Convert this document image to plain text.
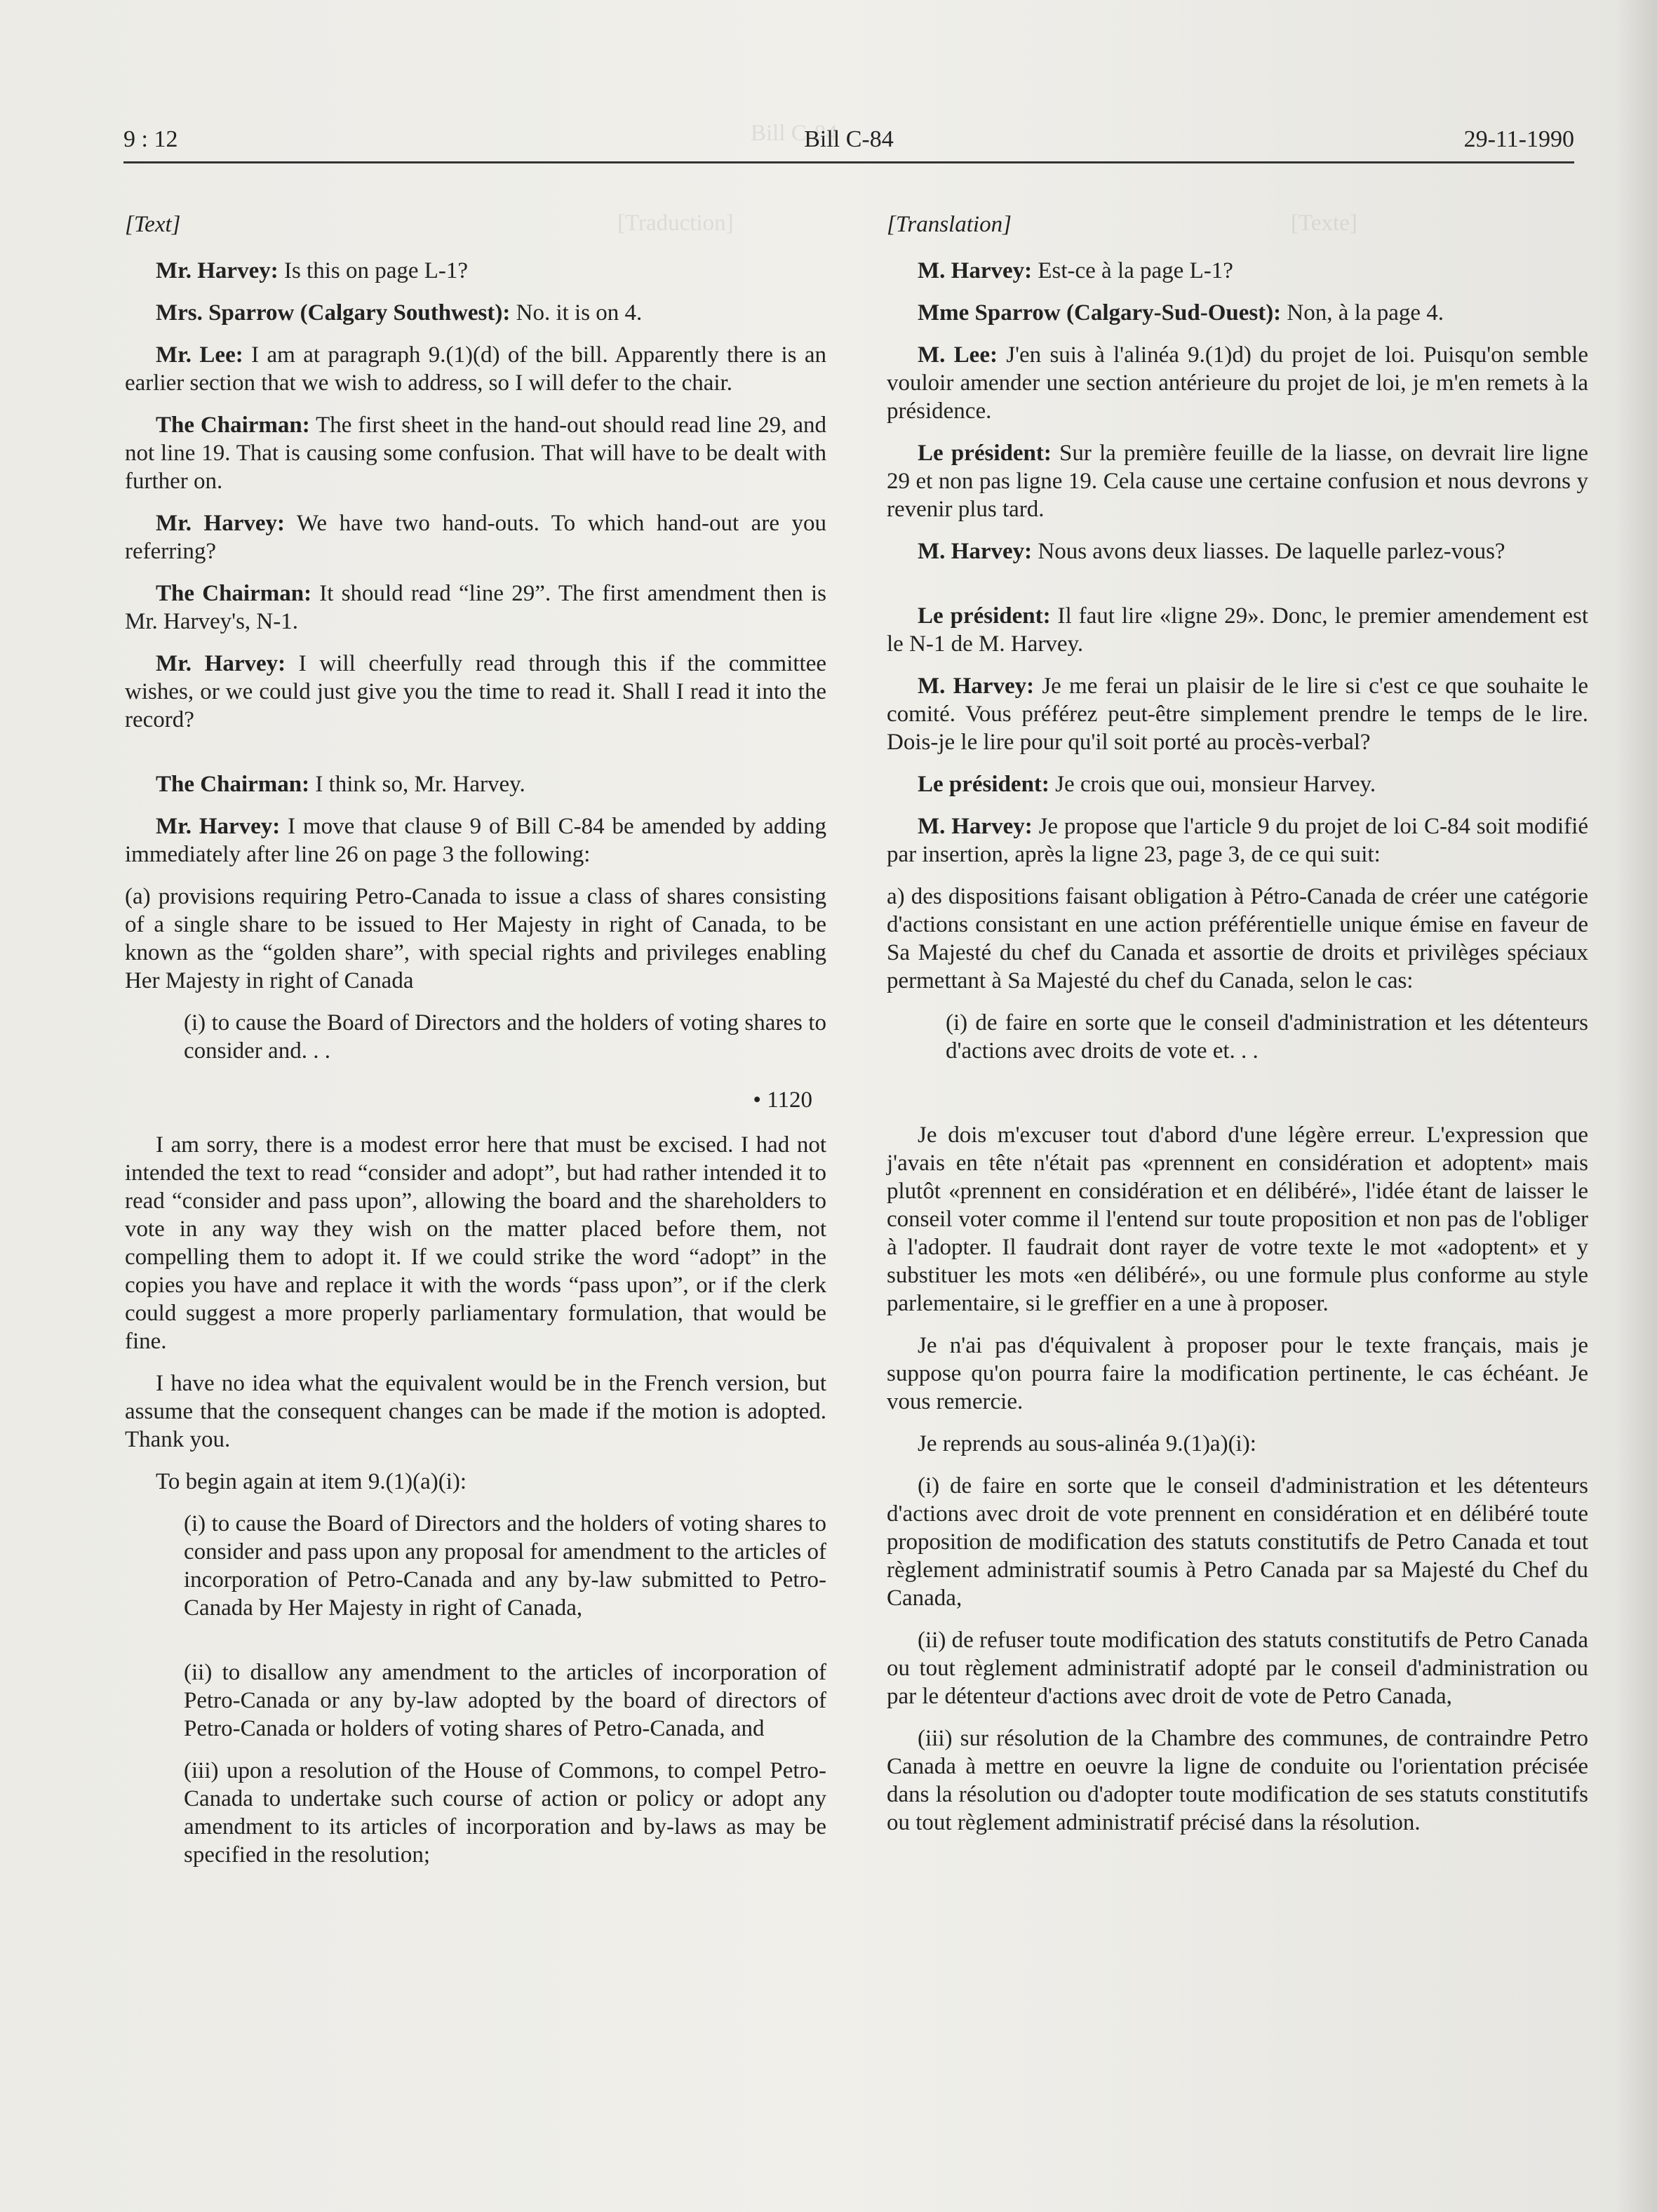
Bill C-84
[Traduction]	[Texte]
9 : 12	Bill C-84	29-11-1990

[Text]

Mr. Harvey: Is this on page L-1?

Mrs. Sparrow (Calgary Southwest): No. it is on 4.

Mr. Lee: I am at paragraph 9.(1)(d) of the bill. Apparently there is an earlier section that we wish to address, so I will defer to the chair.

The Chairman: The first sheet in the hand-out should read line 29, and not line 19. That is causing some confusion. That will have to be dealt with further on.

Mr. Harvey: We have two hand-outs. To which hand-out are you referring?

The Chairman: It should read “line 29”. The first amendment then is Mr. Harvey's, N-1.

Mr. Harvey: I will cheerfully read through this if the committee wishes, or we could just give you the time to read it. Shall I read it into the record?

The Chairman: I think so, Mr. Harvey.

Mr. Harvey: I move that clause 9 of Bill C-84 be amended by adding immediately after line 26 on page 3 the following:

(a) provisions requiring Petro-Canada to issue a class of shares consisting of a single share to be issued to Her Majesty in right of Canada, to be known as the “golden share”, with special rights and privileges enabling Her Majesty in right of Canada

(i) to cause the Board of Directors and the holders of voting shares to consider and. . .

• 1120

I am sorry, there is a modest error here that must be excised. I had not intended the text to read “consider and adopt”, but had rather intended it to read “consider and pass upon”, allowing the board and the shareholders to vote in any way they wish on the matter placed before them, not compelling them to adopt it. If we could strike the word “adopt” in the copies you have and replace it with the words “pass upon”, or if the clerk could suggest a more properly parliamentary formulation, that would be fine.

I have no idea what the equivalent would be in the French version, but assume that the consequent changes can be made if the motion is adopted. Thank you.

To begin again at item 9.(1)(a)(i):

(i) to cause the Board of Directors and the holders of voting shares to consider and pass upon any proposal for amendment to the articles of incorporation of Petro-Canada and any by-law submitted to Petro-Canada by Her Majesty in right of Canada,

(ii) to disallow any amendment to the articles of incorporation of Petro-Canada or any by-law adopted by the board of directors of Petro-Canada or holders of voting shares of Petro-Canada, and

(iii) upon a resolution of the House of Commons, to compel Petro-Canada to undertake such course of action or policy or adopt any amendment to its articles of incorporation and by-laws as may be specified in the resolution;

[Translation]

M. Harvey: Est-ce à la page L-1?

Mme Sparrow (Calgary-Sud-Ouest): Non, à la page 4.

M. Lee: J'en suis à l'alinéa 9.(1)d) du projet de loi. Puisqu'on semble vouloir amender une section antérieure du projet de loi, je m'en remets à la présidence.

Le président: Sur la première feuille de la liasse, on devrait lire ligne 29 et non pas ligne 19. Cela cause une certaine confusion et nous devrons y revenir plus tard.

M. Harvey: Nous avons deux liasses. De laquelle parlez-vous?

Le président: Il faut lire «ligne 29». Donc, le premier amendement est le N-1 de M. Harvey.

M. Harvey: Je me ferai un plaisir de le lire si c'est ce que souhaite le comité. Vous préférez peut-être simplement prendre le temps de le lire. Dois-je le lire pour qu'il soit porté au procès-verbal?

Le président: Je crois que oui, monsieur Harvey.

M. Harvey: Je propose que l'article 9 du projet de loi C-84 soit modifié par insertion, après la ligne 23, page 3, de ce qui suit:

a) des dispositions faisant obligation à Pétro-Canada de créer une catégorie d'actions consistant en une action préférentielle unique émise en faveur de Sa Majesté du chef du Canada et assortie de droits et privilèges spéciaux permettant à Sa Majesté du chef du Canada, selon le cas:

(i) de faire en sorte que le conseil d'administration et les détenteurs d'actions avec droits de vote et. . .

Je dois m'excuser tout d'abord d'une légère erreur. L'expression que j'avais en tête n'était pas «prennent en considération et adoptent» mais plutôt «prennent en considération et en délibéré», l'idée étant de laisser le conseil voter comme il l'entend sur toute proposition et non pas de l'obliger à l'adopter. Il faudrait dont rayer de votre texte le mot «adoptent» et y substituer les mots «en délibéré», ou une formule plus conforme au style parlementaire, si le greffier en a une à proposer.

Je n'ai pas d'équivalent à proposer pour le texte français, mais je suppose qu'on pourra faire la modification pertinente, le cas échéant. Je vous remercie.

Je reprends au sous-alinéa 9.(1)a)(i):

(i) de faire en sorte que le conseil d'administration et les détenteurs d'actions avec droit de vote prennent en considération et en délibéré toute proposition de modification des statuts constitutifs de Petro Canada et tout règlement administratif soumis à Petro Canada par sa Majesté du Chef du Canada,

(ii) de refuser toute modification des statuts constitutifs de Petro Canada ou tout règlement administratif adopté par le conseil d'administration ou par le détenteur d'actions avec droit de vote de Petro Canada,

(iii) sur résolution de la Chambre des communes, de contraindre Petro Canada à mettre en oeuvre la ligne de conduite ou l'orientation précisée dans la résolution ou d'adopter toute modification de ses statuts constitutifs ou tout règlement administratif précisé dans la résolution.
